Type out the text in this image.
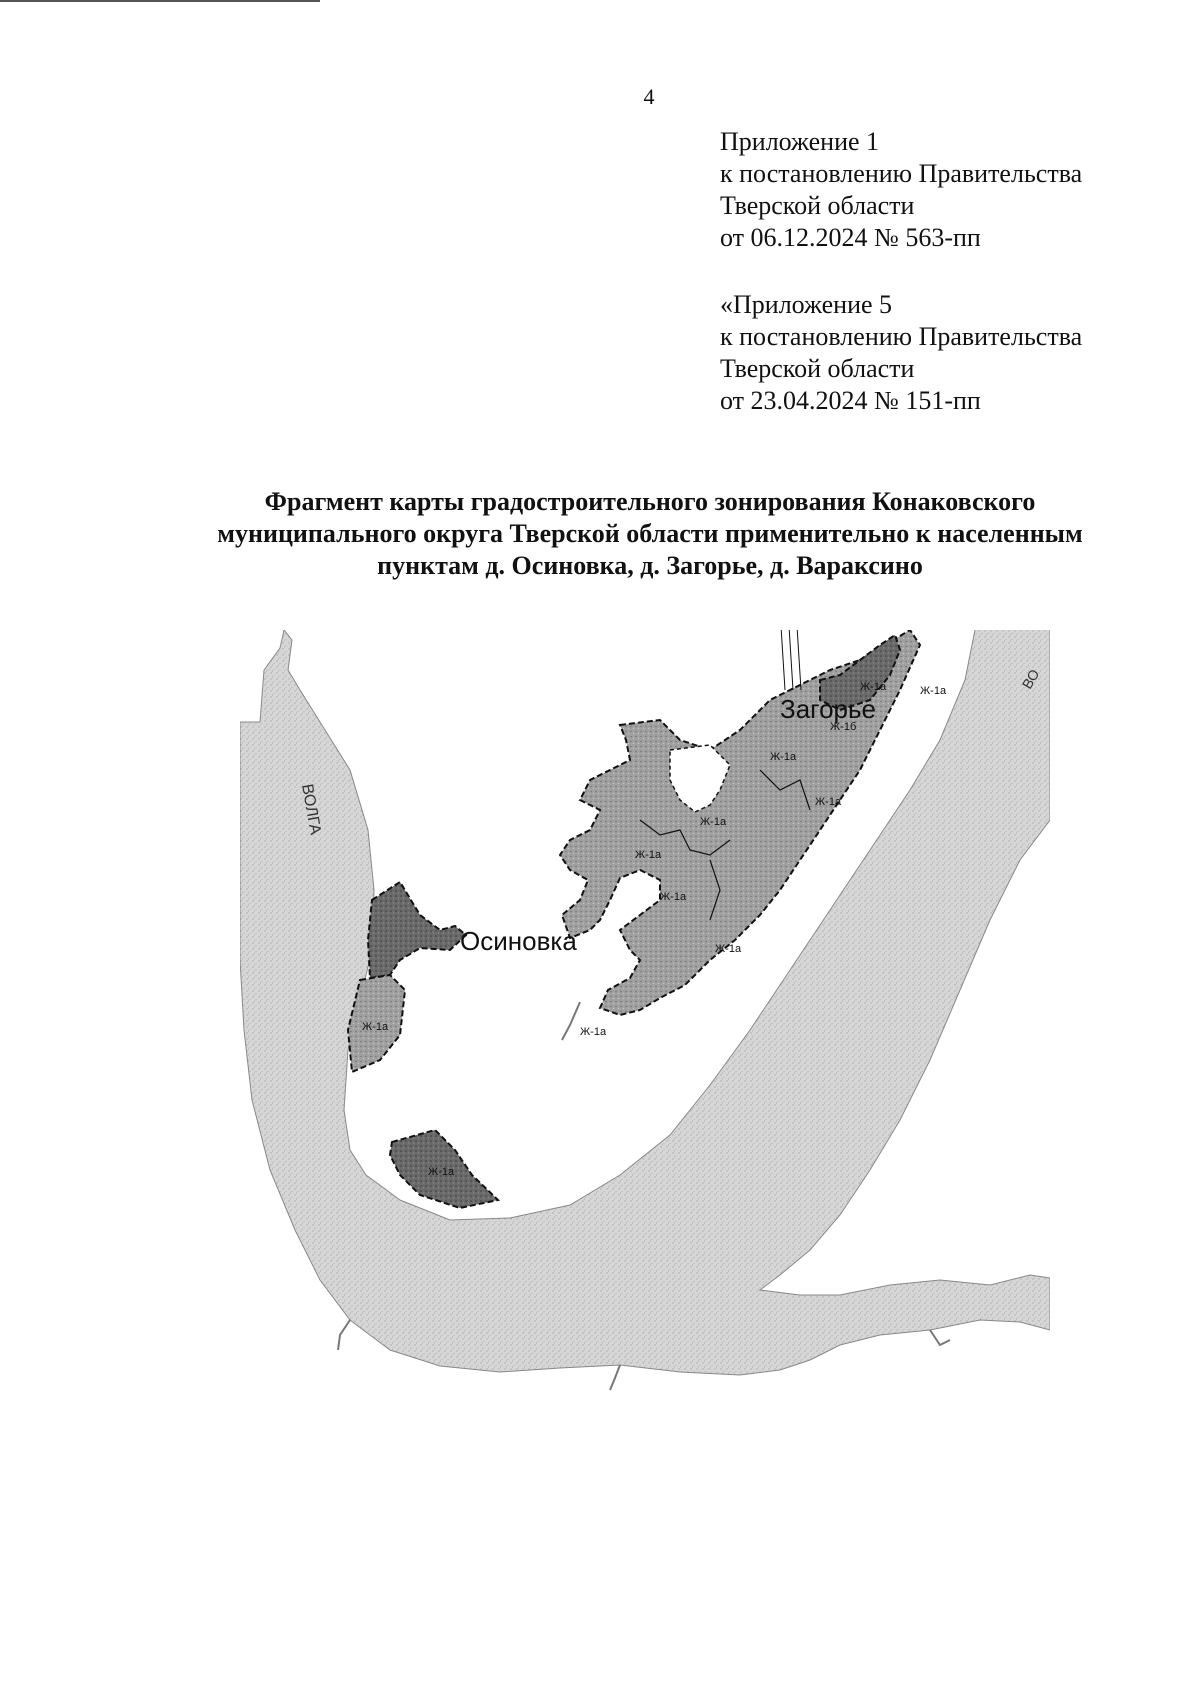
4
Приложение 1
к постановлению Правительства
Тверской области
от 06.12.2024 № 563-пп
«Приложение 5
к постановлению Правительства
Тверской области
от 23.04.2024 № 151-пп
Фрагмент карты градостроительного зонирования Конаковского
муниципального округа Тверской области применительно к населенным
пунктам д. Осиновка, д. Загорье, д. Вараксино
ВОЛГА
ВО
Осиновка
Загорье
Ж-1а
Ж-1а
Ж-1а
Ж-1а
Ж-1а
Ж-1а
Ж-1а
Ж-1а
Ж-1а
Ж-1а
Ж-1а
Ж-1б
